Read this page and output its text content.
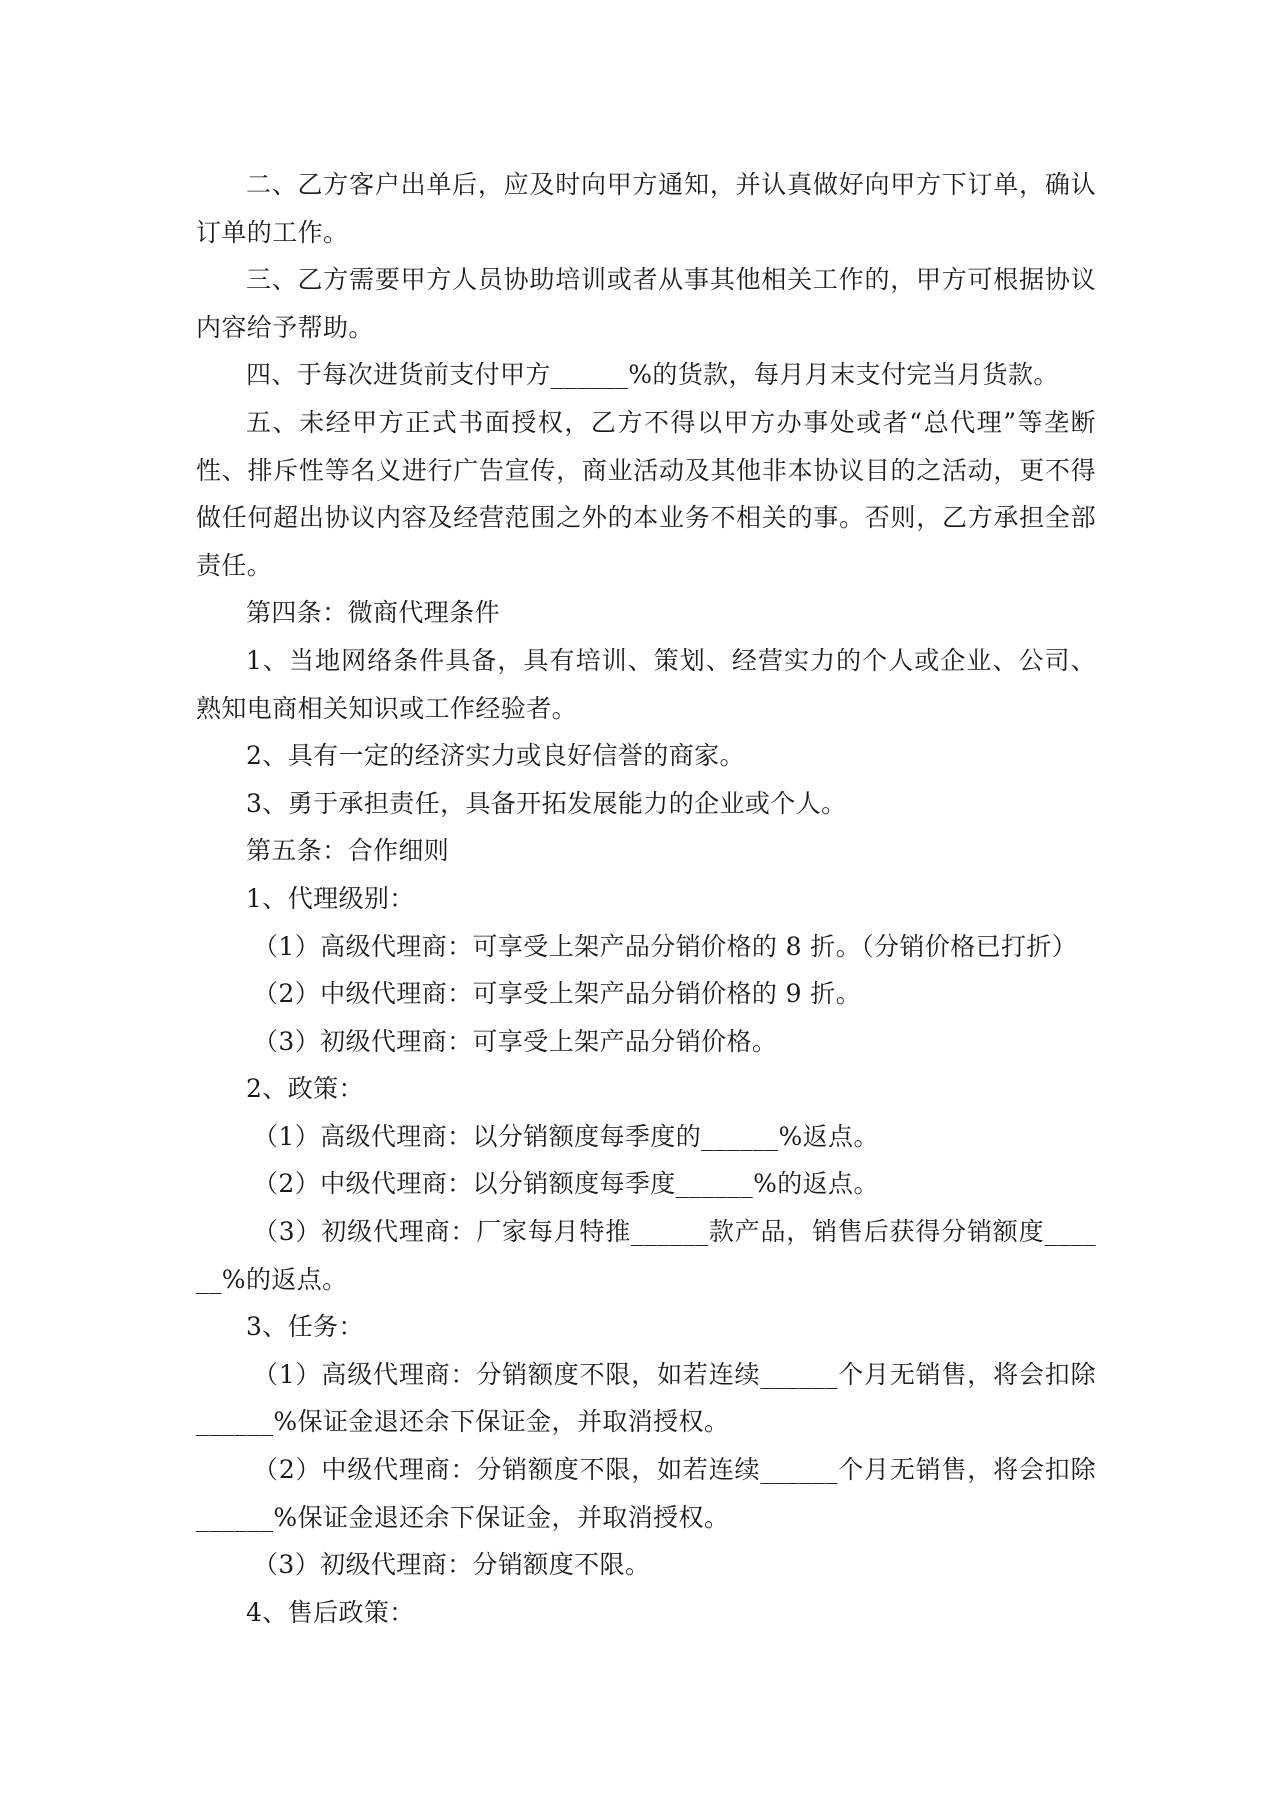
二、乙方客户出单后，应及时向甲方通知，并认真做好向甲方下订单，确认订单的工作。

三、乙方需要甲方人员协助培训或者从事其他相关工作的，甲方可根据协议内容给予帮助。

四、于每次进货前支付甲方______%的货款，每月月末支付完当月货款。

五、未经甲方正式书面授权，乙方不得以甲方办事处或者“总代理”等垄断性、排斥性等名义进行广告宣传，商业活动及其他非本协议目的之活动，更不得做任何超出协议内容及经营范围之外的本业务不相关的事。否则，乙方承担全部责任。

第四条：微商代理条件

1、当地网络条件具备，具有培训、策划、经营实力的个人或企业、公司、熟知电商相关知识或工作经验者。

2、具有一定的经济实力或良好信誉的商家。

3、勇于承担责任，具备开拓发展能力的企业或个人。

第五条：合作细则

1、代理级别：

（1）高级代理商：可享受上架产品分销价格的 8 折。（分销价格已打折）

（2）中级代理商：可享受上架产品分销价格的 9 折。

（3）初级代理商：可享受上架产品分销价格。

2、政策：

（1）高级代理商：以分销额度每季度的______%返点。

（2）中级代理商：以分销额度每季度______%的返点。

（3）初级代理商：厂家每月特推______款产品，销售后获得分销额度______%的返点。

3、任务：

（1）高级代理商：分销额度不限，如若连续______个月无销售，将会扣除______%保证金退还余下保证金，并取消授权。

（2）中级代理商：分销额度不限，如若连续______个月无销售，将会扣除______%保证金退还余下保证金，并取消授权。

（3）初级代理商：分销额度不限。

4、售后政策：
